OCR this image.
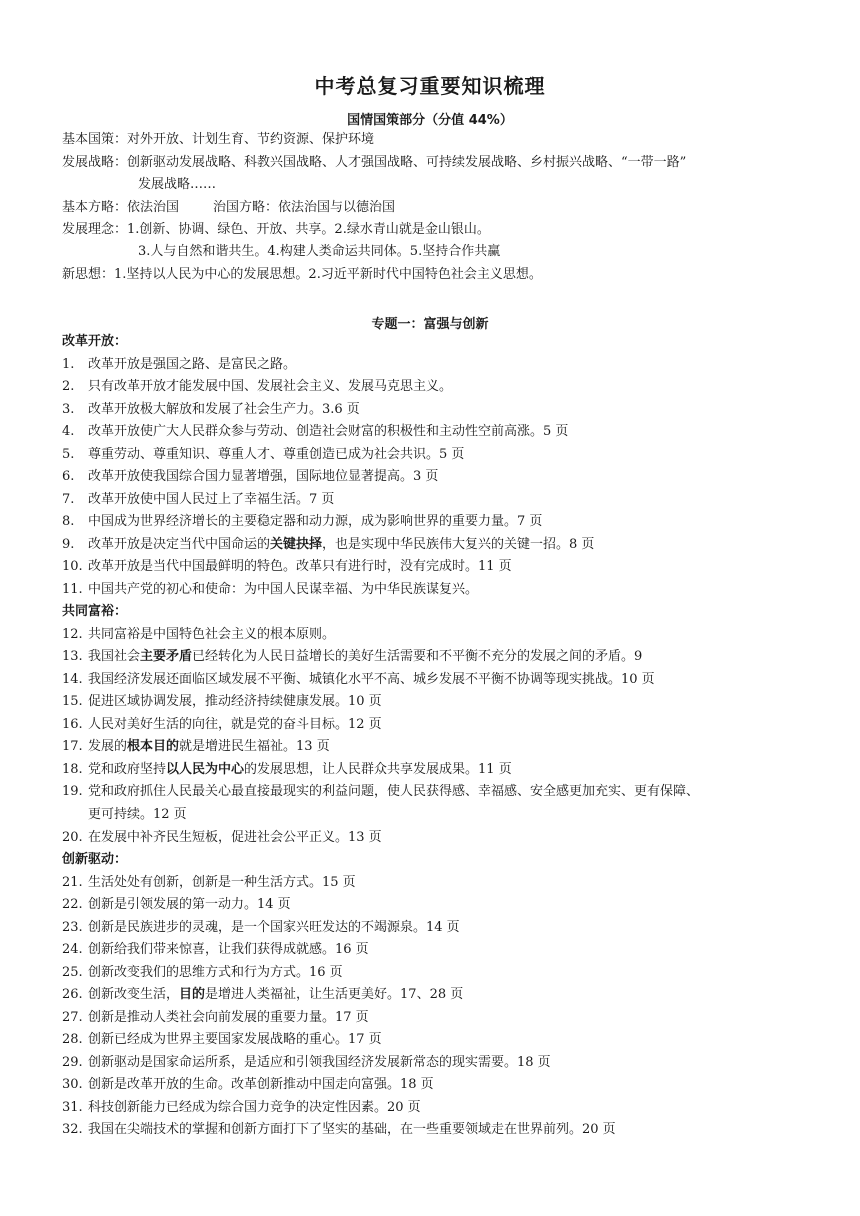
中考总复习重要知识梳理
国情国策部分（分值 44%）
基本国策：对外开放、计划生育、节约资源、保护环境
发展战略：创新驱动发展战略、科教兴国战略、人才强国战略、可持续发展战略、乡村振兴战略、“一带一路”
发展战略……
基本方略：依法治国	治国方略：依法治国与以德治国
发展理念：1.创新、协调、绿色、开放、共享。2.绿水青山就是金山银山。
3.人与自然和谐共生。4.构建人类命运共同体。5.坚持合作共赢
新思想：1.坚持以人民为中心的发展思想。2.习近平新时代中国特色社会主义思想。
专题一：富强与创新
改革开放：
共同富裕：
创新驱动：
1. 改革开放是强国之路、是富民之路。
2. 只有改革开放才能发展中国、发展社会主义、发展马克思主义。
3. 改革开放极大解放和发展了社会生产力。3.6 页
4. 改革开放使广大人民群众参与劳动、创造社会财富的积极性和主动性空前高涨。5 页
5. 尊重劳动、尊重知识、尊重人才、尊重创造已成为社会共识。5 页
6. 改革开放使我国综合国力显著增强，国际地位显著提高。3 页
7. 改革开放使中国人民过上了幸福生活。7 页
8. 中国成为世界经济增长的主要稳定器和动力源，成为影响世界的重要力量。7 页
9. 改革开放是决定当代中国命运的关键抉择，也是实现中华民族伟大复兴的关键一招。8 页
10. 改革开放是当代中国最鲜明的特色。改革只有进行时，没有完成时。11 页
11. 中国共产党的初心和使命：为中国人民谋幸福、为中华民族谋复兴。
12. 共同富裕是中国特色社会主义的根本原则。
13. 我国社会主要矛盾已经转化为人民日益增长的美好生活需要和不平衡不充分的发展之间的矛盾。9
14. 我国经济发展还面临区域发展不平衡、城镇化水平不高、城乡发展不平衡不协调等现实挑战。10 页
15. 促进区域协调发展，推动经济持续健康发展。10 页
16. 人民对美好生活的向往，就是党的奋斗目标。12 页
17. 发展的根本目的就是增进民生福祉。13 页
18. 党和政府坚持以人民为中心的发展思想，让人民群众共享发展成果。11 页
19. 党和政府抓住人民最关心最直接最现实的利益问题，使人民获得感、幸福感、安全感更加充实、更有保障、
更可持续。12 页
20. 在发展中补齐民生短板，促进社会公平正义。13 页
21. 生活处处有创新，创新是一种生活方式。15 页
22. 创新是引领发展的第一动力。14 页
23. 创新是民族进步的灵魂，是一个国家兴旺发达的不竭源泉。14 页
24. 创新给我们带来惊喜，让我们获得成就感。16 页
25. 创新改变我们的思维方式和行为方式。16 页
26. 创新改变生活，目的是增进人类福祉，让生活更美好。17、28 页
27. 创新是推动人类社会向前发展的重要力量。17 页
28. 创新已经成为世界主要国家发展战略的重心。17 页
29. 创新驱动是国家命运所系，是适应和引领我国经济发展新常态的现实需要。18 页
30. 创新是改革开放的生命。改革创新推动中国走向富强。18 页
31. 科技创新能力已经成为综合国力竞争的决定性因素。20 页
32. 我国在尖端技术的掌握和创新方面打下了坚实的基础，在一些重要领域走在世界前列。20 页
